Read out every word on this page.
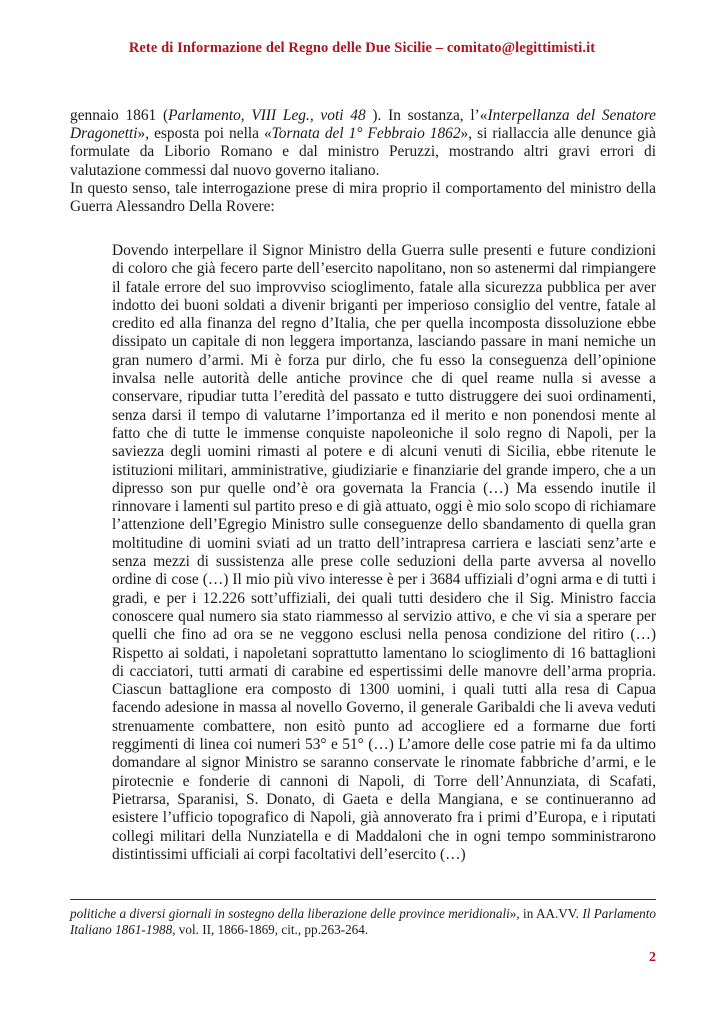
Rete di Informazione del Regno delle Due Sicilie – comitato@legittimisti.it

gennaio 1861 (Parlamento, VIII Leg., voti 48 ). In sostanza, l’«Interpellanza del Senatore Dragonetti», esposta poi nella «Tornata del 1° Febbraio 1862», si riallaccia alle denunce già formulate da Liborio Romano e dal ministro Peruzzi, mostrando altri gravi errori di valutazione commessi dal nuovo governo italiano.

In questo senso, tale interrogazione prese di mira proprio il comportamento del ministro della Guerra Alessandro Della Rovere:

Dovendo interpellare il Signor Ministro della Guerra sulle presenti e future condizioni di coloro che già fecero parte dell’esercito napolitano, non so astenermi dal rimpiangere il fatale errore del suo improvviso scioglimento, fatale alla sicurezza pubblica per aver indotto dei buoni soldati a divenir briganti per imperioso consiglio del ventre, fatale al credito ed alla finanza del regno d’Italia, che per quella incomposta dissoluzione ebbe dissipato un capitale di non leggera importanza, lasciando passare in mani nemiche un gran numero d’armi. Mi è forza pur dirlo, che fu esso la conseguenza dell’opinione invalsa nelle autorità delle antiche province che di quel reame nulla si avesse a conservare, ripudiar tutta l’eredità del passato e tutto distruggere dei suoi ordinamenti, senza darsi il tempo di valutarne l’importanza ed il merito e non ponendosi mente al fatto che di tutte le immense conquiste napoleoniche il solo regno di Napoli, per la saviezza degli uomini rimasti al potere e di alcuni venuti di Sicilia, ebbe ritenute le istituzioni militari, amministrative, giudiziarie e finanziarie del grande impero, che a un dipresso son pur quelle ond’è ora governata la Francia (…) Ma essendo inutile il rinnovare i lamenti sul partito preso e di già attuato, oggi è mio solo scopo di richiamare l’attenzione dell’Egregio Ministro sulle conseguenze dello sbandamento di quella gran moltitudine di uomini sviati ad un tratto dell’intrapresa carriera e lasciati senz’arte e senza mezzi di sussistenza alle prese colle seduzioni della parte avversa al novello ordine di cose (…) Il mio più vivo interesse è per i 3684 uffiziali d’ogni arma e di tutti i gradi, e per i 12.226 sott’uffiziali, dei quali tutti desidero che il Sig. Ministro faccia conoscere qual numero sia stato riammesso al servizio attivo, e che vi sia a sperare per quelli che fino ad ora se ne veggono esclusi nella penosa condizione del ritiro (…) Rispetto ai soldati, i napoletani soprattutto lamentano lo scioglimento di 16 battaglioni di cacciatori, tutti armati di carabine ed espertissimi delle manovre dell’arma propria. Ciascun battaglione era composto di 1300 uomini, i quali tutti alla resa di Capua facendo adesione in massa al novello Governo, il generale Garibaldi che li aveva veduti strenuamente combattere, non esitò punto ad accogliere ed a formarne due forti reggimenti di linea coi numeri 53° e 51° (…) L’amore delle cose patrie mi fa da ultimo domandare al signor Ministro se saranno conservate le rinomate fabbriche d’armi, e le pirotecnie e fonderie di cannoni di Napoli, di Torre dell’Annunziata, di Scafati, Pietrarsa, Sparanisi, S. Donato, di Gaeta e della Mangiana, e se continueranno ad esistere l’ufficio topografico di Napoli, già annoverato fra i primi d’Europa, e i riputati collegi militari della Nunziatella e di Maddaloni che in ogni tempo somministrarono distintissimi ufficiali ai corpi facoltativi dell’esercito (…)

politiche a diversi giornali in sostegno della liberazione delle province meridionali», in AA.VV. Il Parlamento Italiano 1861-1988, vol. II, 1866-1869, cit., pp.263-264.

2
